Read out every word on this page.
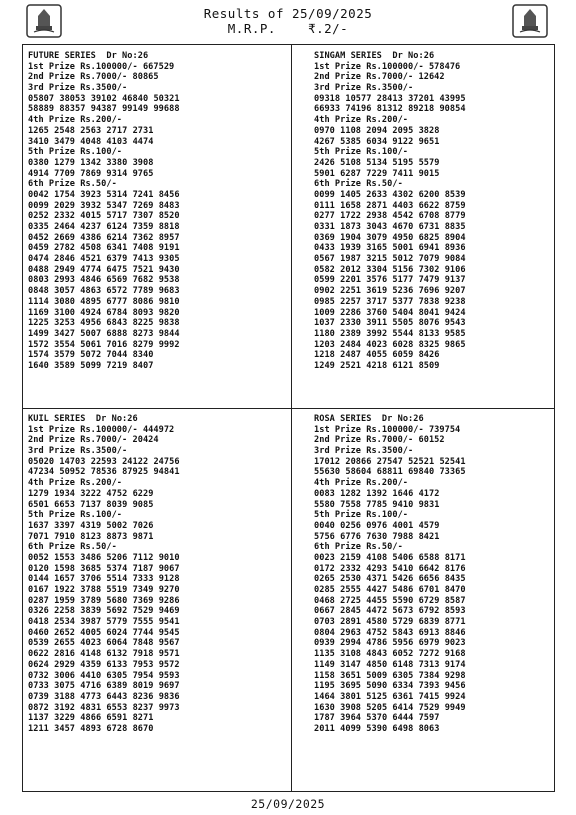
Results of 25/09/2025
M.R.P.	₹.2/-
FUTURE SERIES Dr No:26
1st Prize Rs.100000/- 667529
2nd Prize Rs.7000/- 80865
3rd Prize Rs.3500/-
05807 38053 39102 46840 50321
58889 88357 94387 99149 99688
4th Prize Rs.200/-
1265 2548 2563 2717 2731
3410 3479 4048 4103 4474
5th Prize Rs.100/-
0380 1279 1342 3380 3908
4914 7709 7869 9314 9765
6th Prize Rs.50/-
0042 1754 3923 5314 7241 8456
0099 2029 3932 5347 7269 8483
0252 2332 4015 5717 7307 8520
0335 2464 4237 6124 7359 8818
0452 2669 4386 6214 7362 8957
0459 2782 4508 6341 7408 9191
0474 2846 4521 6379 7413 9305
0488 2949 4774 6475 7521 9430
0803 2993 4846 6569 7682 9538
0848 3057 4863 6572 7789 9683
1114 3080 4895 6777 8086 9810
1169 3100 4924 6784 8093 9820
1225 3253 4956 6843 8225 9838
1499 3427 5007 6888 8273 9844
1572 3554 5061 7016 8279 9992
1574 3579 5072 7044 8340
1640 3589 5099 7219 8407
SINGAM SERIES Dr No:26
1st Prize Rs.100000/- 578476
2nd Prize Rs.7000/- 12642
3rd Prize Rs.3500/-
09318 10577 28413 37201 43995
66933 74196 81312 89218 90854
4th Prize Rs.200/-
0970 1108 2094 2095 3828
4267 5385 6034 9122 9651
5th Prize Rs.100/-
2426 5108 5134 5195 5579
5901 6287 7229 7411 9015
6th Prize Rs.50/-
0099 1405 2633 4302 6200 8539
0111 1658 2871 4403 6622 8759
0277 1722 2938 4542 6708 8779
0331 1873 3043 4670 6731 8835
0369 1904 3079 4950 6825 8904
0433 1939 3165 5001 6941 8936
0567 1987 3215 5012 7079 9084
0582 2012 3304 5156 7302 9106
0599 2201 3576 5177 7479 9137
0902 2251 3619 5236 7696 9207
0985 2257 3717 5377 7838 9238
1009 2286 3760 5404 8041 9424
1037 2330 3911 5505 8076 9543
1180 2389 3992 5544 8133 9585
1203 2484 4023 6028 8325 9865
1218 2487 4055 6059 8426
1249 2521 4218 6121 8509
KUIL SERIES Dr No:26
1st Prize Rs.100000/- 444972
2nd Prize Rs.7000/- 20424
3rd Prize Rs.3500/-
05020 14703 22593 24122 24756
47234 50952 78536 87925 94841
4th Prize Rs.200/-
1279 1934 3222 4752 6229
6501 6653 7137 8039 9085
5th Prize Rs.100/-
1637 3397 4319 5002 7026
7071 7910 8123 8873 9871
6th Prize Rs.50/-
0052 1553 3486 5206 7112 9010
0120 1598 3685 5374 7187 9067
0144 1657 3706 5514 7333 9128
0167 1922 3788 5519 7349 9270
0287 1959 3789 5680 7369 9286
0326 2258 3839 5692 7529 9469
0418 2534 3987 5779 7555 9541
0460 2652 4005 6024 7744 9545
0539 2655 4023 6064 7848 9567
0622 2816 4148 6132 7918 9571
0624 2929 4359 6133 7953 9572
0732 3006 4410 6305 7954 9593
0733 3075 4716 6389 8019 9697
0739 3188 4773 6443 8236 9836
0872 3192 4831 6553 8237 9973
1137 3229 4866 6591 8271
1211 3457 4893 6728 8670
ROSA SERIES Dr No:26
1st Prize Rs.100000/- 739754
2nd Prize Rs.7000/- 60152
3rd Prize Rs.3500/-
17012 20866 27547 52521 52541
55630 58604 68811 69840 73365
4th Prize Rs.200/-
0083 1282 1392 1646 4172
5580 7558 7785 9410 9831
5th Prize Rs.100/-
0040 0256 0976 4001 4579
5756 6776 7630 7988 8421
6th Prize Rs.50/-
0023 2159 4108 5406 6588 8171
0172 2332 4293 5410 6642 8176
0265 2530 4371 5426 6656 8435
0285 2555 4427 5486 6701 8470
0468 2725 4455 5590 6729 8587
0667 2845 4472 5673 6792 8593
0703 2891 4580 5729 6839 8771
0804 2963 4752 5843 6913 8846
0939 2994 4786 5956 6979 9023
1135 3108 4843 6052 7272 9168
1149 3147 4850 6148 7313 9174
1158 3651 5009 6305 7384 9298
1195 3695 5090 6334 7393 9456
1464 3801 5125 6361 7415 9924
1630 3908 5205 6414 7529 9949
1787 3964 5370 6444 7597
2011 4099 5390 6498 8063
25/09/2025
